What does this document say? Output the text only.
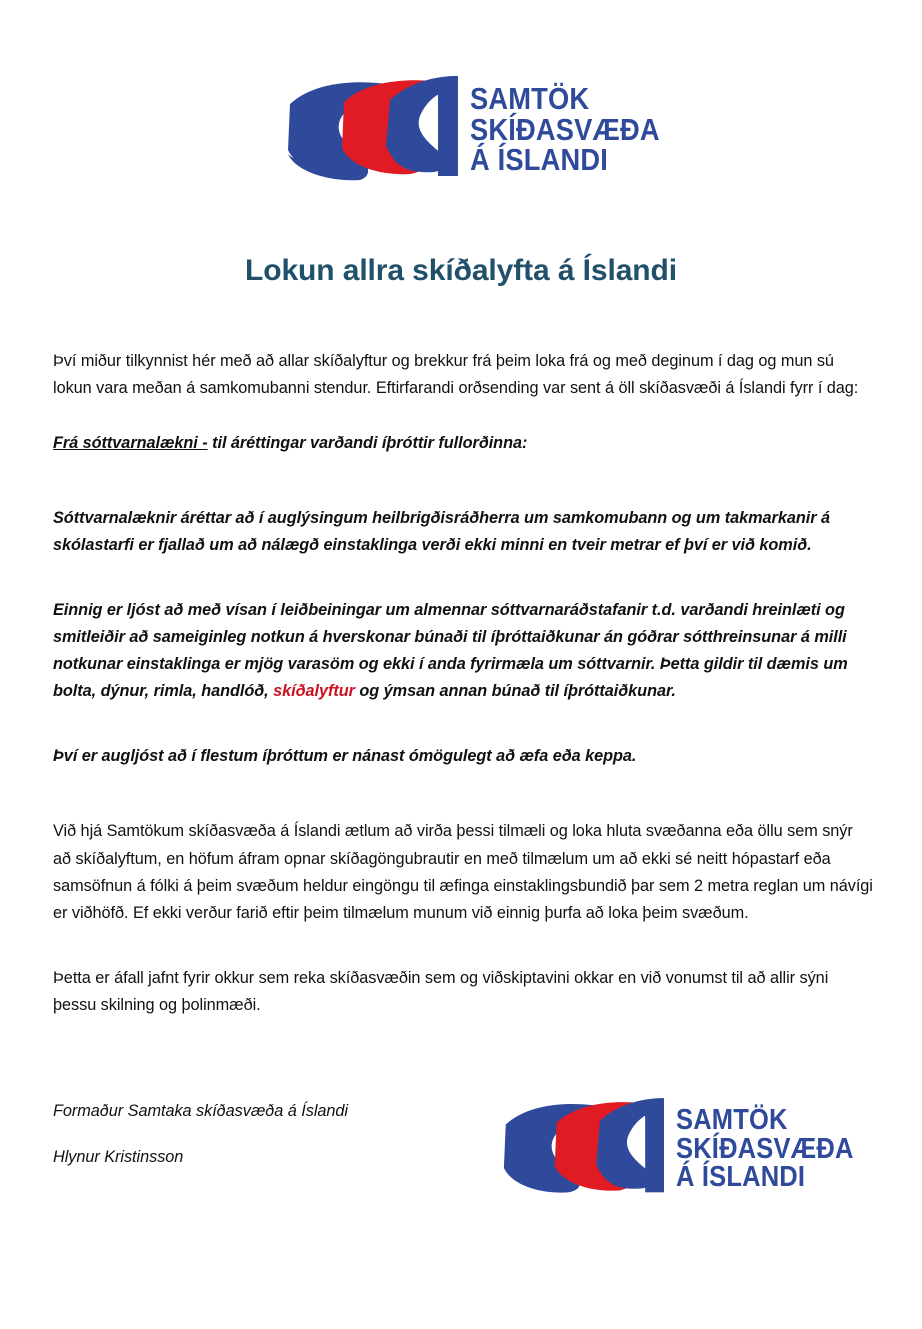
SAMTÖK
SKÍÐASVÆÐA
Á ÍSLANDI
Lokun allra skíðalyfta á Íslandi

Því miður tilkynnist hér með að allar skíðalyftur og brekkur frá þeim loka frá og með deginum í dag og mun sú lokun vara meðan á samkomubanni stendur. Eftirfarandi orðsending var sent á öll skíðasvæði á Íslandi fyrr í dag:

Frá sóttvarnalækni - til áréttingar varðandi íþróttir fullorðinna:

Sóttvarnalæknir áréttar að í auglýsingum heilbrigðisráðherra um samkomubann og um takmarkanir á skólastarfi er fjallað um að nálægð einstaklinga verði ekki minni en tveir metrar ef því er við komið.

Einnig er ljóst að með vísan í leiðbeiningar um almennar sóttvarnaráðstafanir t.d. varðandi hreinlæti og smitleiðir að sameiginleg notkun á hverskonar búnaði til íþróttaiðkunar án góðrar sótthreinsunar á milli notkunar einstaklinga er mjög varasöm og ekki í anda fyrirmæla um sóttvarnir. Þetta gildir til dæmis um bolta, dýnur, rimla, handlóð, skíðalyftur og ýmsan annan búnað til íþróttaiðkunar.

Því er augljóst að í flestum íþróttum er nánast ómögulegt að æfa eða keppa.

Við hjá Samtökum skíðasvæða á Íslandi ætlum að virða þessi tilmæli og loka hluta svæðanna eða öllu sem snýr að skíðalyftum, en höfum áfram opnar skíðagöngubrautir en með tilmælum um að ekki sé neitt hópastarf eða samsöfnun á fólki á þeim svæðum heldur eingöngu til æfinga einstaklingsbundið þar sem 2 metra reglan um návígi er viðhöfð. Ef ekki verður farið eftir þeim tilmælum munum við einnig þurfa að loka þeim svæðum.

Þetta er áfall jafnt fyrir okkur sem reka skíðasvæðin sem og viðskiptavini okkar en við vonumst til að allir sýni þessu skilning og þolinmæði.

Formaður Samtaka skíðasvæða á Íslandi

Hlynur Kristinsson

SAMTÖK
SKÍÐASVÆÐA
Á ÍSLANDI
